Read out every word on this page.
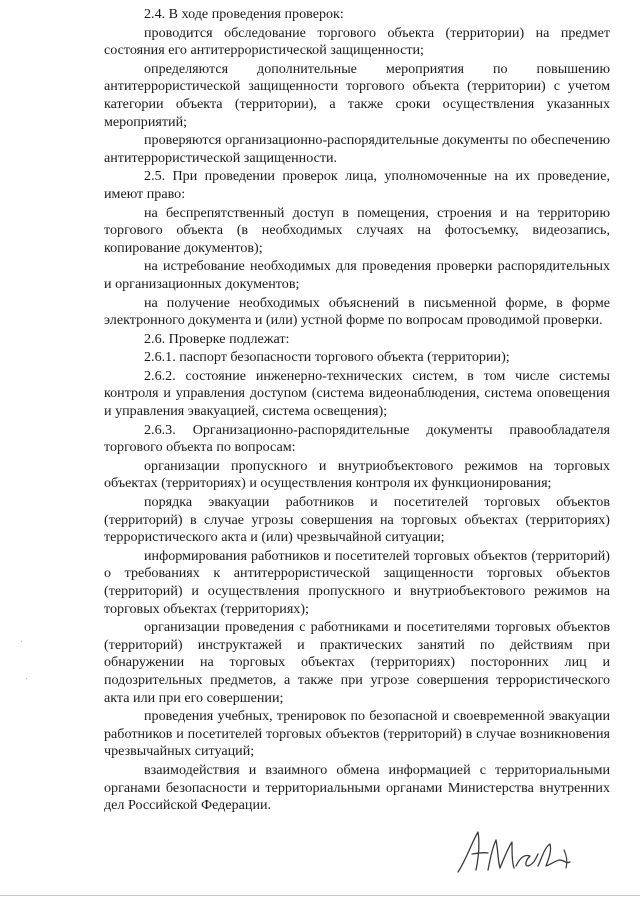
2.4. В ходе проведения проверок:

проводится обследование торгового объекта (территории) на предмет состояния его антитеррористической защищенности;

определяются дополнительные мероприятия по повышению антитеррористической защищенности торгового объекта (территории) с учетом категории объекта (территории), а также сроки осуществления указанных мероприятий;

проверяются организационно-распорядительные документы по обеспечению антитеррористической защищенности.

2.5. При проведении проверок лица, уполномоченные на их проведение, имеют право:

на беспрепятственный доступ в помещения, строения и на территорию торгового объекта (в необходимых случаях на фотосъемку, видеозапись, копирование документов);

на истребование необходимых для проведения проверки распорядительных и организационных документов;

на получение необходимых объяснений в письменной форме, в форме электронного документа и (или) устной форме по вопросам проводимой проверки.

2.6. Проверке подлежат:

2.6.1. паспорт безопасности торгового объекта (территории);

2.6.2. состояние инженерно-технических систем, в том числе системы контроля и управления доступом (система видеонаблюдения, система оповещения и управления эвакуацией, система освещения);

2.6.3. Организационно-распорядительные документы правообладателя торгового объекта по вопросам:

организации пропускного и внутриобъектового режимов на торговых объектах (территориях) и осуществления контроля их функционирования;

порядка эвакуации работников и посетителей торговых объектов (территорий) в случае угрозы совершения на торговых объектах (территориях) террористического акта и (или) чрезвычайной ситуации;

информирования работников и посетителей торговых объектов (территорий) о требованиях к антитеррористической защищенности торговых объектов (территорий) и осуществления пропускного и внутриобъектового режимов на торговых объектах (территориях);

организации проведения с работниками и посетителями торговых объектов (территорий) инструктажей и практических занятий по действиям при обнаружении на торговых объектах (территориях) посторонних лиц и подозрительных предметов, а также при угрозе совершения террористического акта или при его совершении;

проведения учебных, тренировок по безопасной и своевременной эвакуации работников и посетителей торговых объектов (территорий) в случае возникновения чрезвычайных ситуаций;

взаимодействия и взаимного обмена информацией с территориальными органами безопасности и территориальными органами Министерства внутренних дел Российской Федерации.
